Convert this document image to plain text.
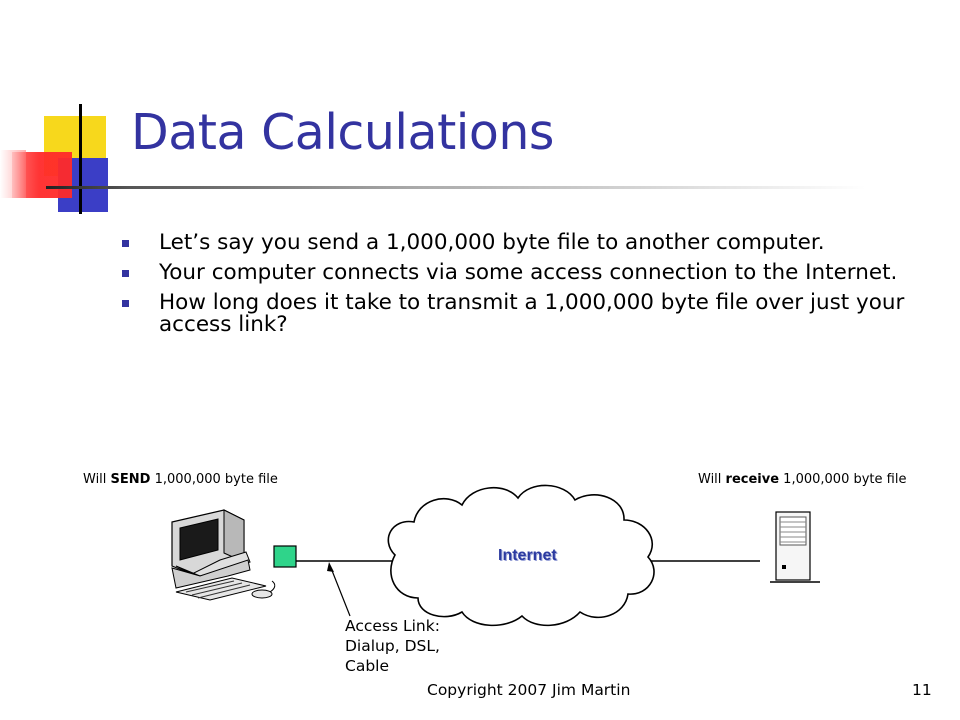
Data Calculations
Let’s say you send a 1,000,000 byte file to another computer.
Your computer connects via some access connection to the Internet.
How long does it take to transmit a 1,000,000 byte file over just your access link?
Will SEND 1,000,000 byte file	Will receive 1,000,000 byte file
Internet
Access Link:
Dialup, DSL,
Cable
Copyright 2007 Jim Martin	11
